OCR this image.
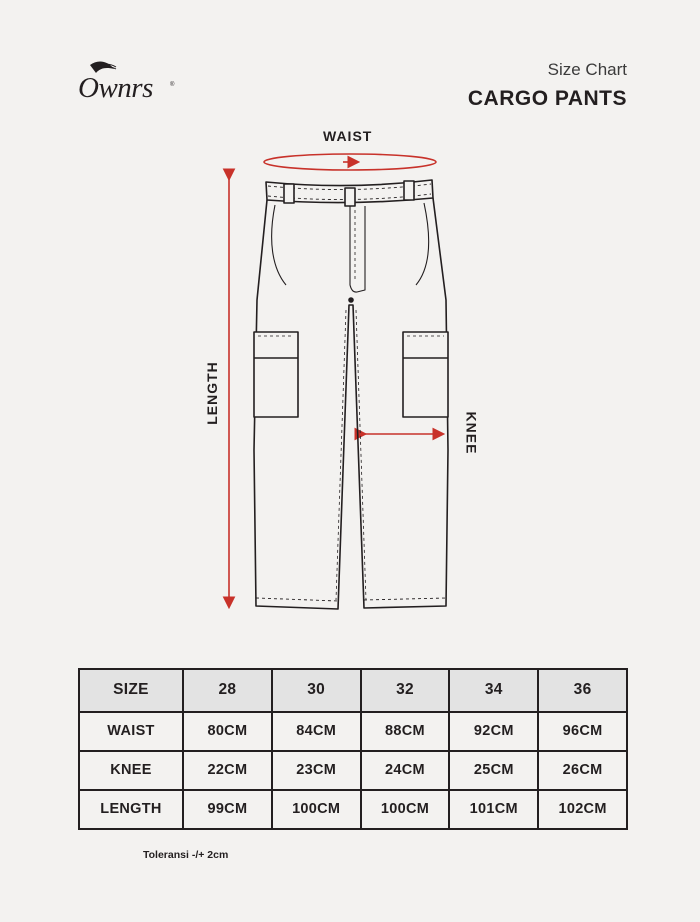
Ownrs	®
Size Chart
CARGO PANTS
WAIST
LENGTH
KNEE
SIZE	28	30	32	34	36
WAIST	80CM	84CM	88CM	92CM	96CM
KNEE	22CM	23CM	24CM	25CM	26CM
LENGTH	99CM	100CM	100CM	101CM	102CM
Toleransi -/+ 2cm
